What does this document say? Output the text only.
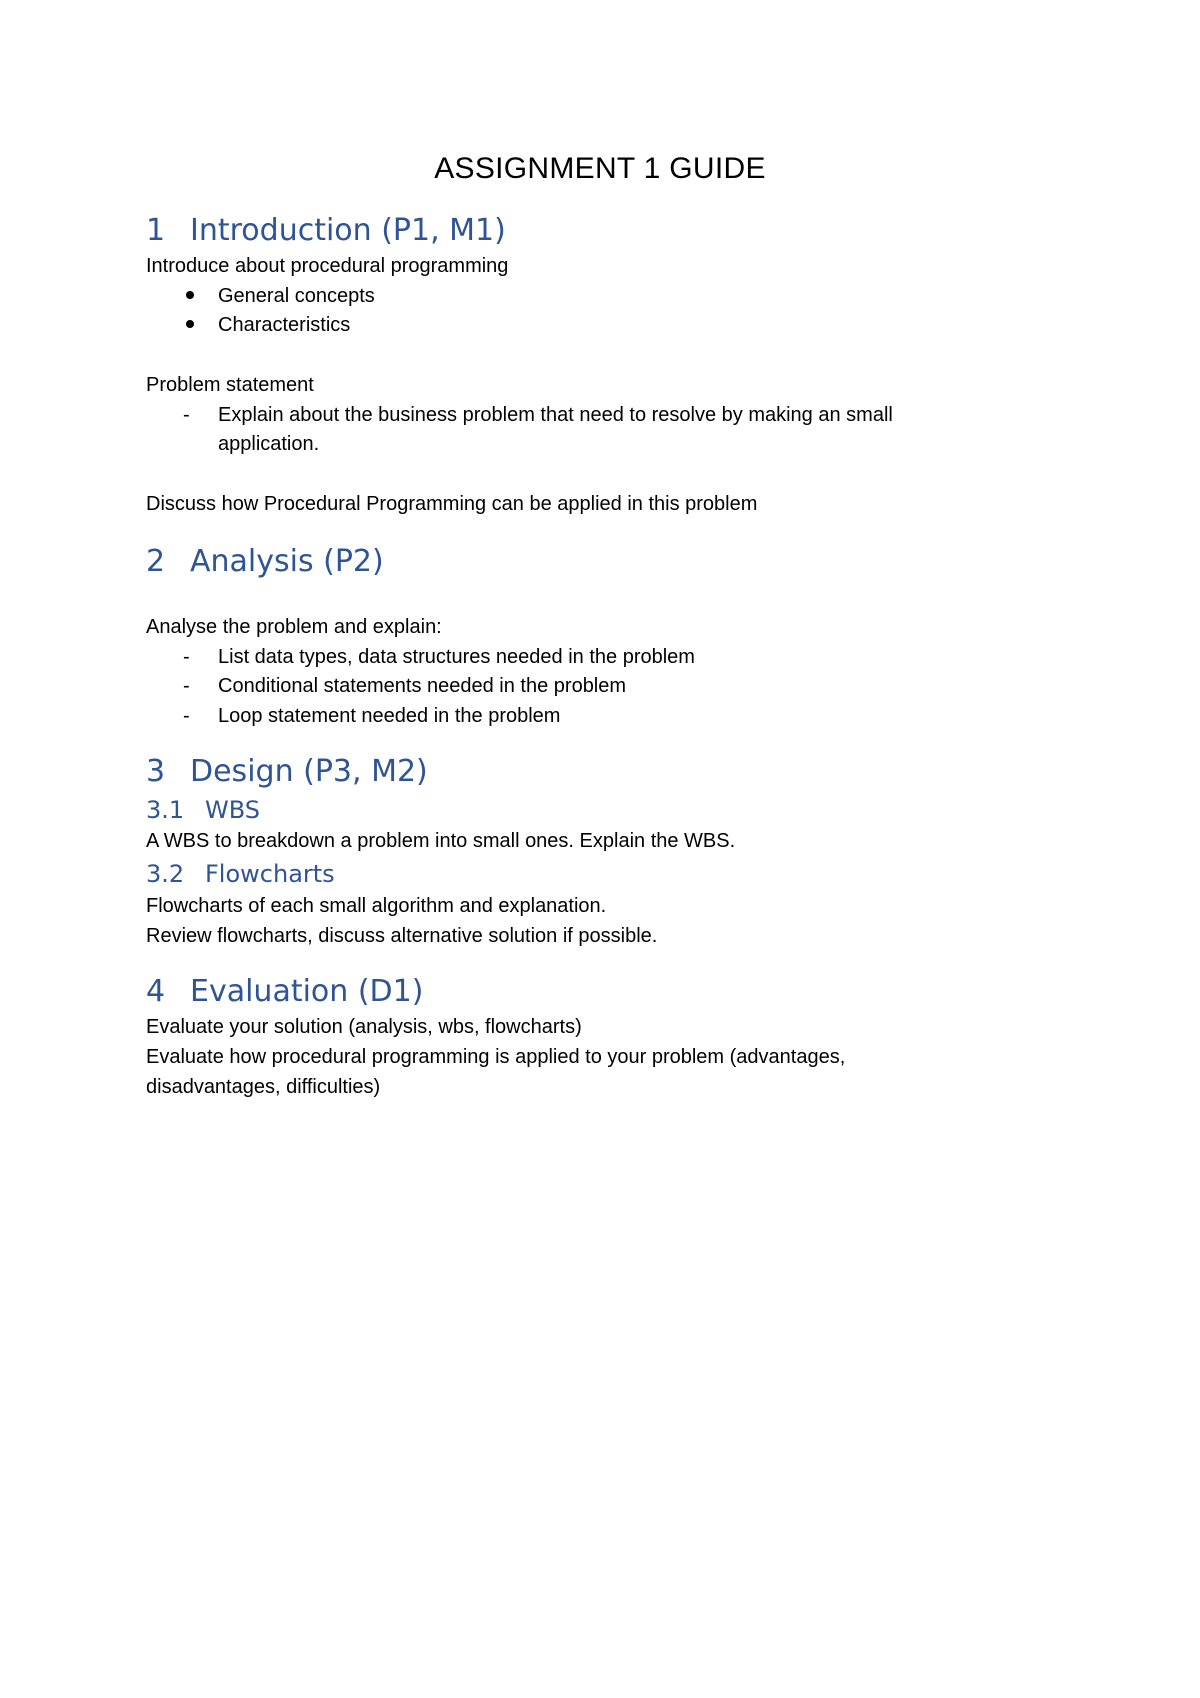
ASSIGNMENT 1 GUIDE
1 Introduction (P1, M1)
Introduce about procedural programming
General concepts
Characteristics
Problem statement
- Explain about the business problem that need to resolve by making an small
application.
Discuss how Procedural Programming can be applied in this problem
2 Analysis (P2)
Analyse the problem and explain:
- List data types, data structures needed in the problem
- Conditional statements needed in the problem
- Loop statement needed in the problem
3 Design (P3, M2)
3.1 WBS
A WBS to breakdown a problem into small ones. Explain the WBS.
3.2 Flowcharts
Flowcharts of each small algorithm and explanation.
Review flowcharts, discuss alternative solution if possible.
4 Evaluation (D1)
Evaluate your solution (analysis, wbs, flowcharts)
Evaluate how procedural programming is applied to your problem (advantages,
disadvantages, difficulties)
